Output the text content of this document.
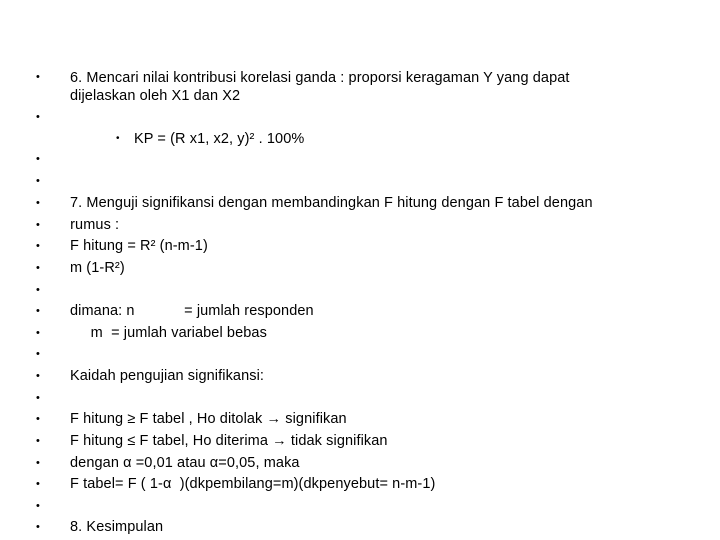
•
•
•
•
•
•
•
•
•
•
•
•
•
•
•
•
•
•
•
•
6. Mencari nilai kontribusi korelasi ganda : proporsi keragaman Y yang dapat
dijelaskan oleh X1 dan X2
• KP = (R x1, x2, y)² . 100%
7. Menguji signifikansi dengan membandingkan F hitung dengan F tabel dengan
rumus :
F hitung = R² (n-m-1)
m (1-R²)
dimana: n            = jumlah responden
m  = jumlah variabel bebas
Kaidah pengujian signifikansi:
F hitung ≥ F tabel , Ho ditolak → signifikan
F hitung ≤ F tabel, Ho diterima → tidak signifikan
dengan α =0,01 atau α=0,05, maka
F tabel= F ( 1-α  )(dkpembilang=m)(dkpenyebut= n-m-1)
8. Kesimpulan
